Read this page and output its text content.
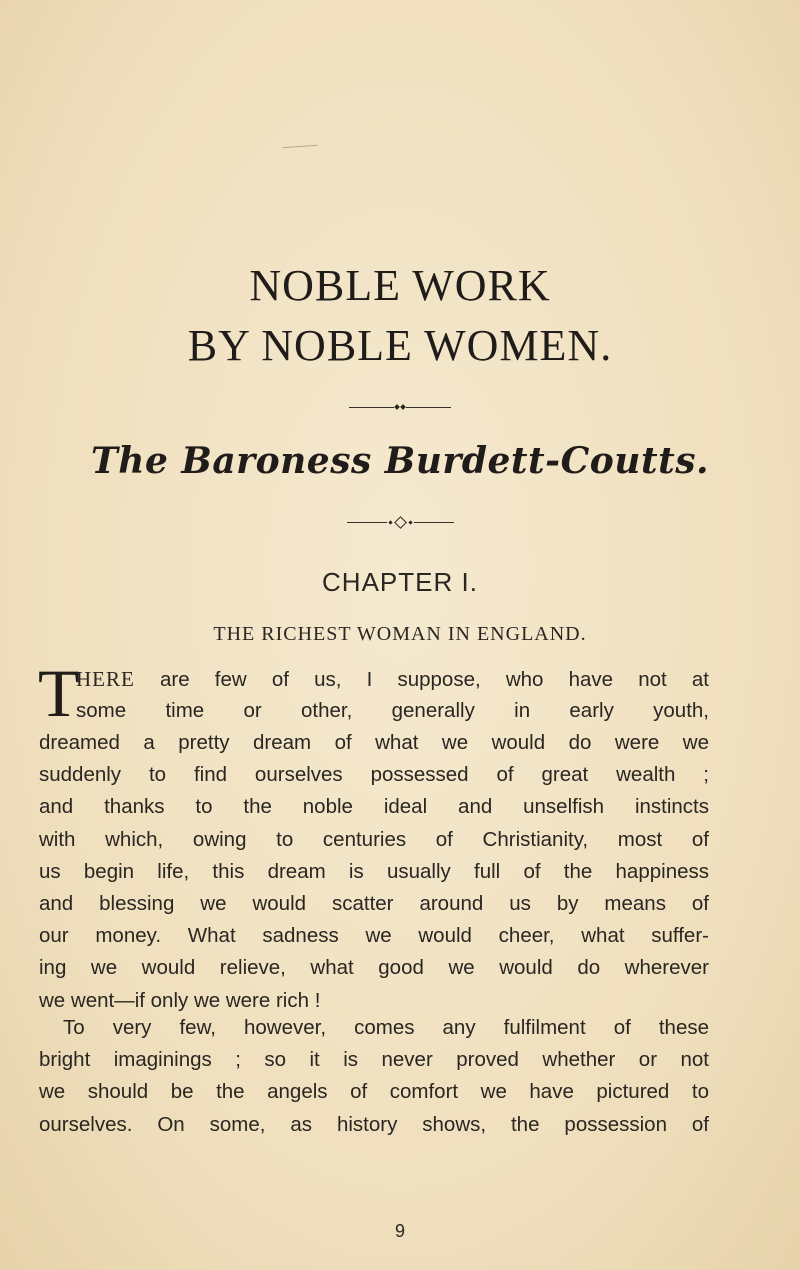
NOBLE WORK
BY NOBLE WOMEN.
The Baroness Burdett-Coutts.
CHAPTER I.
THE RICHEST WOMAN IN ENGLAND.
T
HERE are few of us, I suppose, who have not at
some time or other, generally in early youth,
dreamed a pretty dream of what we would do were we
suddenly to find ourselves possessed of great wealth ;
and thanks to the noble ideal and unselfish instincts
with which, owing to centuries of Christianity, most of
us begin life, this dream is usually full of the happiness
and blessing we would scatter around us by means of
our money. What sadness we would cheer, what suffer-
ing we would relieve, what good we would do wherever
we went—if only we were rich !
To very few, however, comes any fulfilment of these
bright imaginings ; so it is never proved whether or not
we should be the angels of comfort we have pictured to
ourselves. On some, as history shows, the possession of
9
